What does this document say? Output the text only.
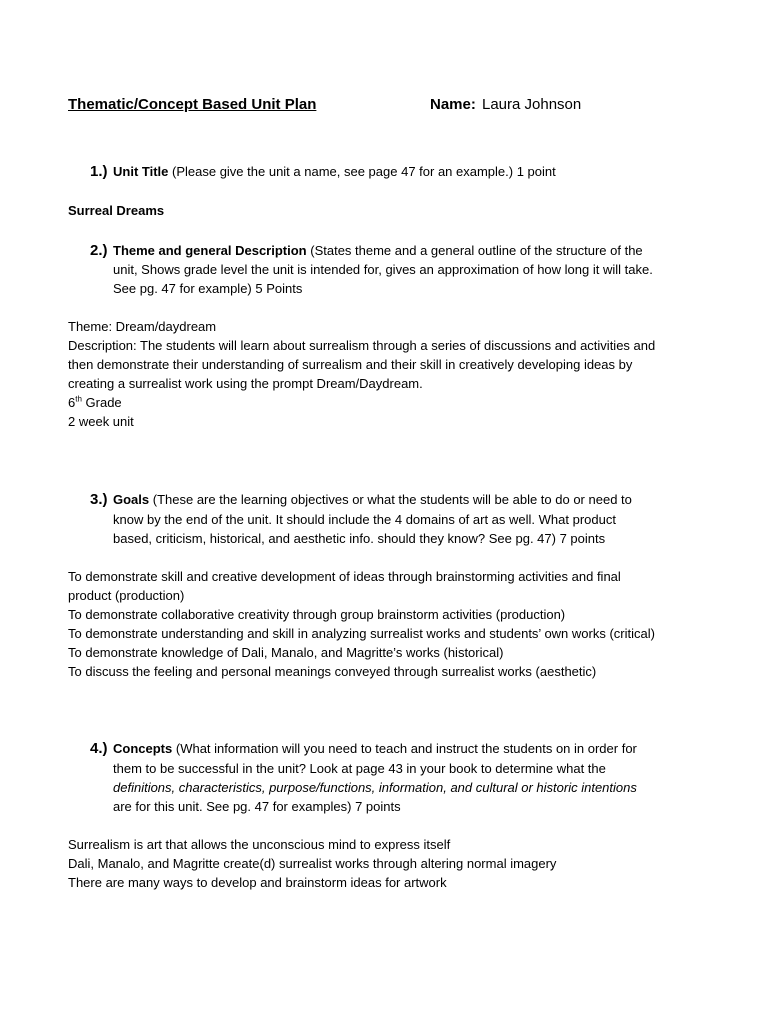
Thematic/Concept Based Unit Plan	Name: Laura Johnson
1.) Unit Title (Please give the unit a name, see page 47 for an example.) 1 point
Surreal Dreams
2.) Theme and general Description (States theme and a general outline of the structure of the
unit, Shows grade level the unit is intended for, gives an approximation of how long it will take.
See pg. 47 for example) 5 Points
Theme: Dream/daydream
Description: The students will learn about surrealism through a series of discussions and activities and
then demonstrate their understanding of surrealism and their skill in creatively developing ideas by
creating a surrealist work using the prompt Dream/Daydream.
6th Grade
2 week unit
3.) Goals (These are the learning objectives or what the students will be able to do or need to
know by the end of the unit. It should include the 4 domains of art as well. What product
based, criticism, historical, and aesthetic info. should they know? See pg. 47) 7 points
To demonstrate skill and creative development of ideas through brainstorming activities and final
product (production)
To demonstrate collaborative creativity through group brainstorm activities (production)
To demonstrate understanding and skill in analyzing surrealist works and students’ own works (critical)
To demonstrate knowledge of Dali, Manalo, and Magritte’s works (historical)
To discuss the feeling and personal meanings conveyed through surrealist works (aesthetic)
4.) Concepts (What information will you need to teach and instruct the students on in order for
them to be successful in the unit? Look at page 43 in your book to determine what the
definitions, characteristics, purpose/functions, information, and cultural or historic intentions
are for this unit. See pg. 47 for examples) 7 points
Surrealism is art that allows the unconscious mind to express itself
Dali, Manalo, and Magritte create(d) surrealist works through altering normal imagery
There are many ways to develop and brainstorm ideas for artwork
